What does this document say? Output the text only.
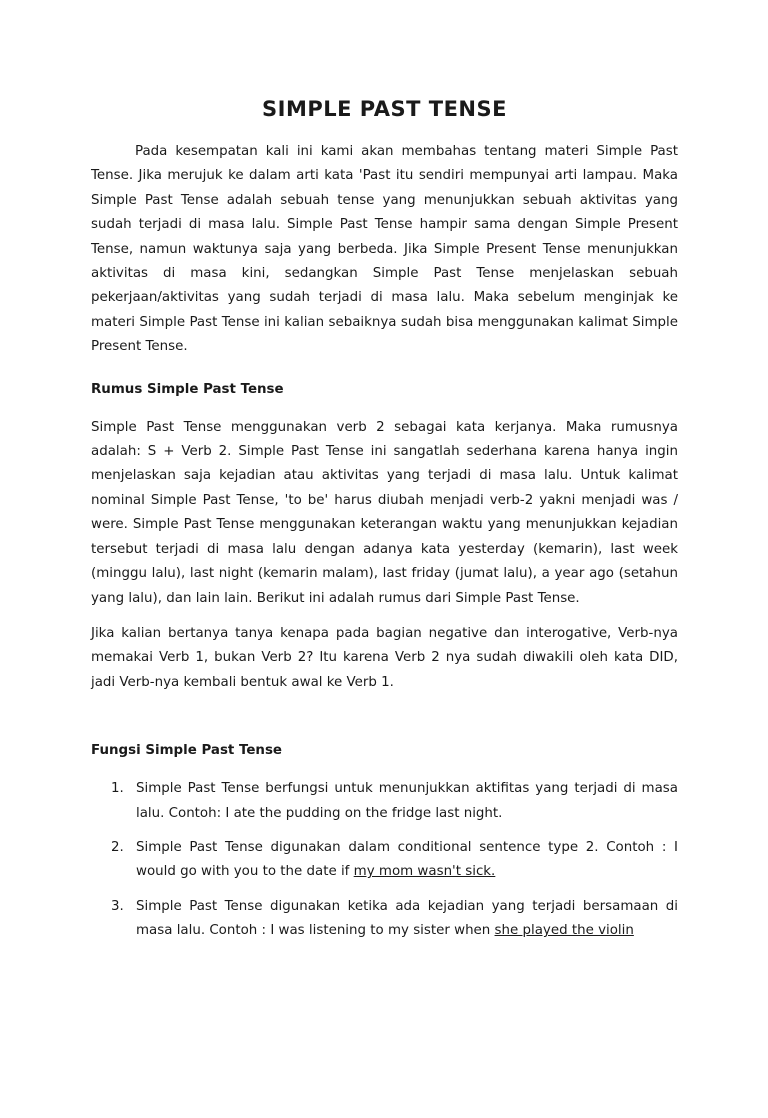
SIMPLE PAST TENSE

Pada kesempatan kali ini kami akan membahas tentang materi Simple Past Tense. Jika merujuk ke dalam arti kata 'Past itu sendiri mempunyai arti lampau. Maka Simple Past Tense adalah sebuah tense yang menunjukkan sebuah aktivitas yang sudah terjadi di masa lalu. Simple Past Tense hampir sama dengan Simple Present Tense, namun waktunya saja yang berbeda. Jika Simple Present Tense menunjukkan aktivitas di masa kini, sedangkan Simple Past Tense menjelaskan sebuah pekerjaan/aktivitas yang sudah terjadi di masa lalu. Maka sebelum menginjak ke materi Simple Past Tense ini kalian sebaiknya sudah bisa menggunakan kalimat Simple Present Tense.

Rumus Simple Past Tense

Simple Past Tense menggunakan verb 2 sebagai kata kerjanya. Maka rumusnya adalah: S + Verb 2. Simple Past Tense ini sangatlah sederhana karena hanya ingin menjelaskan saja kejadian atau aktivitas yang terjadi di masa lalu. Untuk kalimat nominal Simple Past Tense, 'to be' harus diubah menjadi verb-2 yakni menjadi was / were. Simple Past Tense menggunakan keterangan waktu yang menunjukkan kejadian tersebut terjadi di masa lalu dengan adanya kata yesterday (kemarin), last week (minggu lalu), last night (kemarin malam), last friday (jumat lalu), a year ago (setahun yang lalu), dan lain lain. Berikut ini adalah rumus dari Simple Past Tense.

Jika kalian bertanya tanya kenapa pada bagian negative dan interogative, Verb-nya memakai Verb 1, bukan Verb 2? Itu karena Verb 2 nya sudah diwakili oleh kata DID, jadi Verb-nya kembali bentuk awal ke Verb 1.

Fungsi Simple Past Tense
1. Simple Past Tense berfungsi untuk menunjukkan aktifitas yang terjadi di masa lalu. Contoh: I ate the pudding on the fridge last night.
2. Simple Past Tense digunakan dalam conditional sentence type 2. Contoh : I would go with you to the date if my mom wasn't sick.
3. Simple Past Tense digunakan ketika ada kejadian yang terjadi bersamaan di masa lalu. Contoh : I was listening to my sister when she played the violin
